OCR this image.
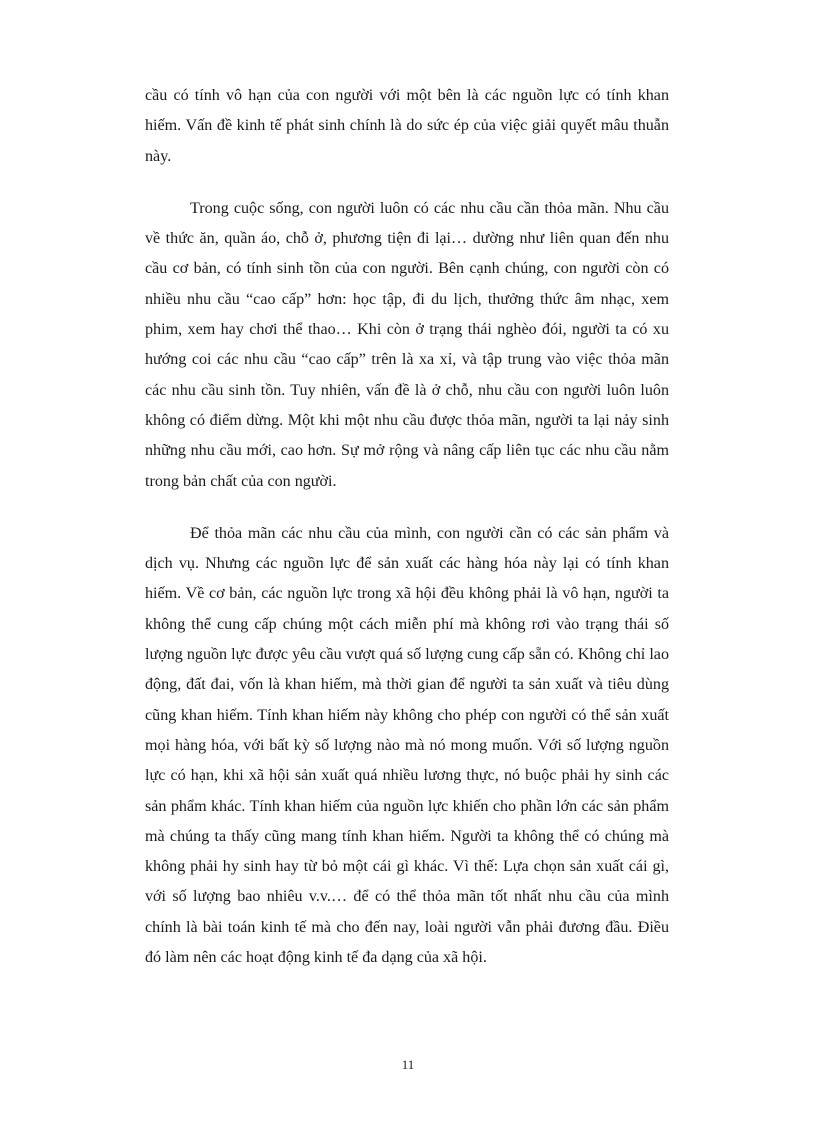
cầu có tính vô hạn của con người với một bên là các nguồn lực có tính khan hiếm. Vấn đề kinh tế phát sinh chính là do sức ép của việc giải quyết mâu thuẫn này.

Trong cuộc sống, con người luôn có các nhu cầu cần thỏa mãn. Nhu cầu về thức ăn, quần áo, chỗ ở, phương tiện đi lại… dường như liên quan đến nhu cầu cơ bản, có tính sinh tồn của con người. Bên cạnh chúng, con người còn có nhiều nhu cầu “cao cấp” hơn: học tập, đi du lịch, thưởng thức âm nhạc, xem phim, xem hay chơi thể thao… Khi còn ở trạng thái nghèo đói, người ta có xu hướng coi các nhu cầu “cao cấp” trên là xa xỉ, và tập trung vào việc thỏa mãn các nhu cầu sinh tồn. Tuy nhiên, vấn đề là ở chỗ, nhu cầu con người luôn luôn không có điểm dừng. Một khi một nhu cầu được thỏa mãn, người ta lại nảy sinh những nhu cầu mới, cao hơn. Sự mở rộng và nâng cấp liên tục các nhu cầu nằm trong bản chất của con người.

Để thỏa mãn các nhu cầu của mình, con người cần có các sản phẩm và dịch vụ. Nhưng các nguồn lực để sản xuất các hàng hóa này lại có tính khan hiếm. Về cơ bản, các nguồn lực trong xã hội đều không phải là vô hạn, người ta không thể cung cấp chúng một cách miễn phí mà không rơi vào trạng thái số lượng nguồn lực được yêu cầu vượt quá số lượng cung cấp sẵn có. Không chỉ lao động, đất đai, vốn là khan hiếm, mà thời gian để người ta sản xuất và tiêu dùng cũng khan hiếm. Tính khan hiếm này không cho phép con người có thể sản xuất mọi hàng hóa, với bất kỳ số lượng nào mà nó mong muốn. Với số lượng nguồn lực có hạn, khi xã hội sản xuất quá nhiều lương thực, nó buộc phải hy sinh các sản phẩm khác. Tính khan hiếm của nguồn lực khiến cho phần lớn các sản phẩm mà chúng ta thấy cũng mang tính khan hiếm. Người ta không thể có chúng mà không phải hy sinh hay từ bỏ một cái gì khác. Vì thế: Lựa chọn sản xuất cái gì, với số lượng bao nhiêu v.v.… để có thể thỏa mãn tốt nhất nhu cầu của mình chính là bài toán kinh tế mà cho đến nay, loài người vẫn phải đương đầu. Điều đó làm nên các hoạt động kinh tế đa dạng của xã hội.

11
